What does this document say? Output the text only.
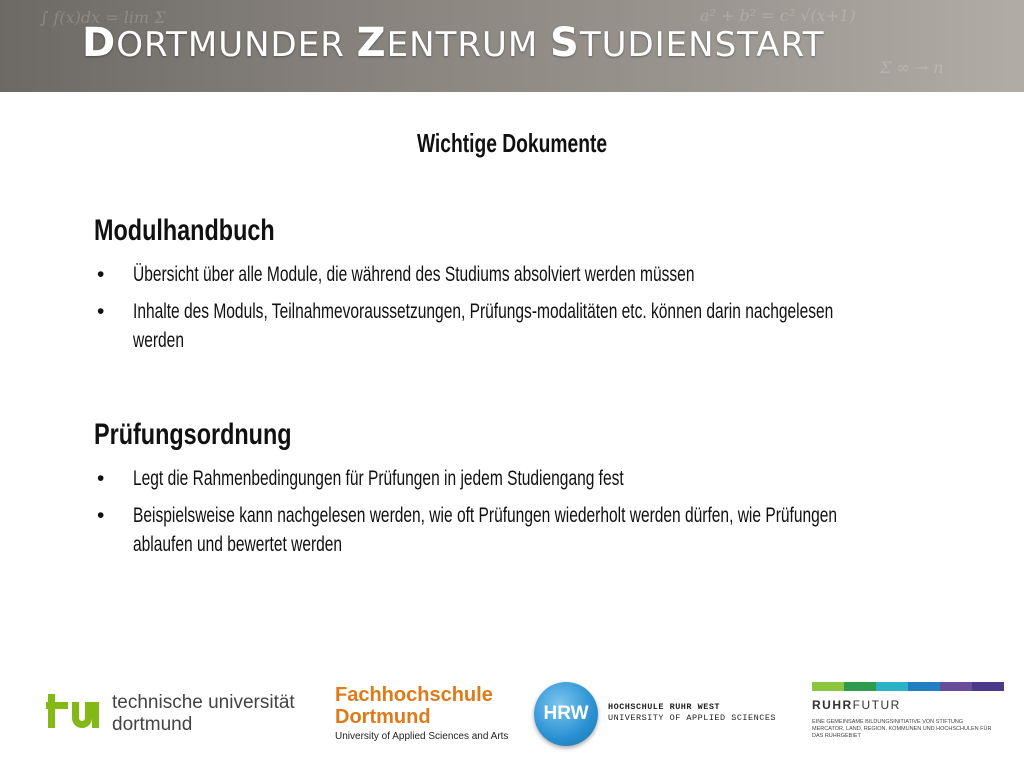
∫ f(x)dx = lim Σ	a² + b² = c² √(x+1)
Σ ∞ → n
DORTMUNDER ZENTRUM STUDIENSTART
Wichtige Dokumente
Modulhandbuch
• Übersicht über alle Module, die während des Studiums absolviert werden müssen
• Inhalte des Moduls, Teilnahmevoraussetzungen, Prüfungs-modalitäten etc. können darin nachgelesen werden
Prüfungsordnung
• Legt die Rahmenbedingungen für Prüfungen in jedem Studiengang fest
• Beispielsweise kann nachgelesen werden, wie oft Prüfungen wiederholt werden dürfen, wie Prüfungen ablaufen und bewertet werden
technische universität
dortmund
Fachhochschule
Dortmund
University of Applied Sciences and Arts
HRW	HOCHSCHULE RUHR WEST
UNIVERSITY OF APPLIED SCIENCES
RUHRFUTUR
EINE GEMEINSAME BILDUNGSINITIATIVE VON STIFTUNG MERCATOR, LAND, REGION, KOMMUNEN UND HOCHSCHULEN FÜR DAS RUHRGEBIET
